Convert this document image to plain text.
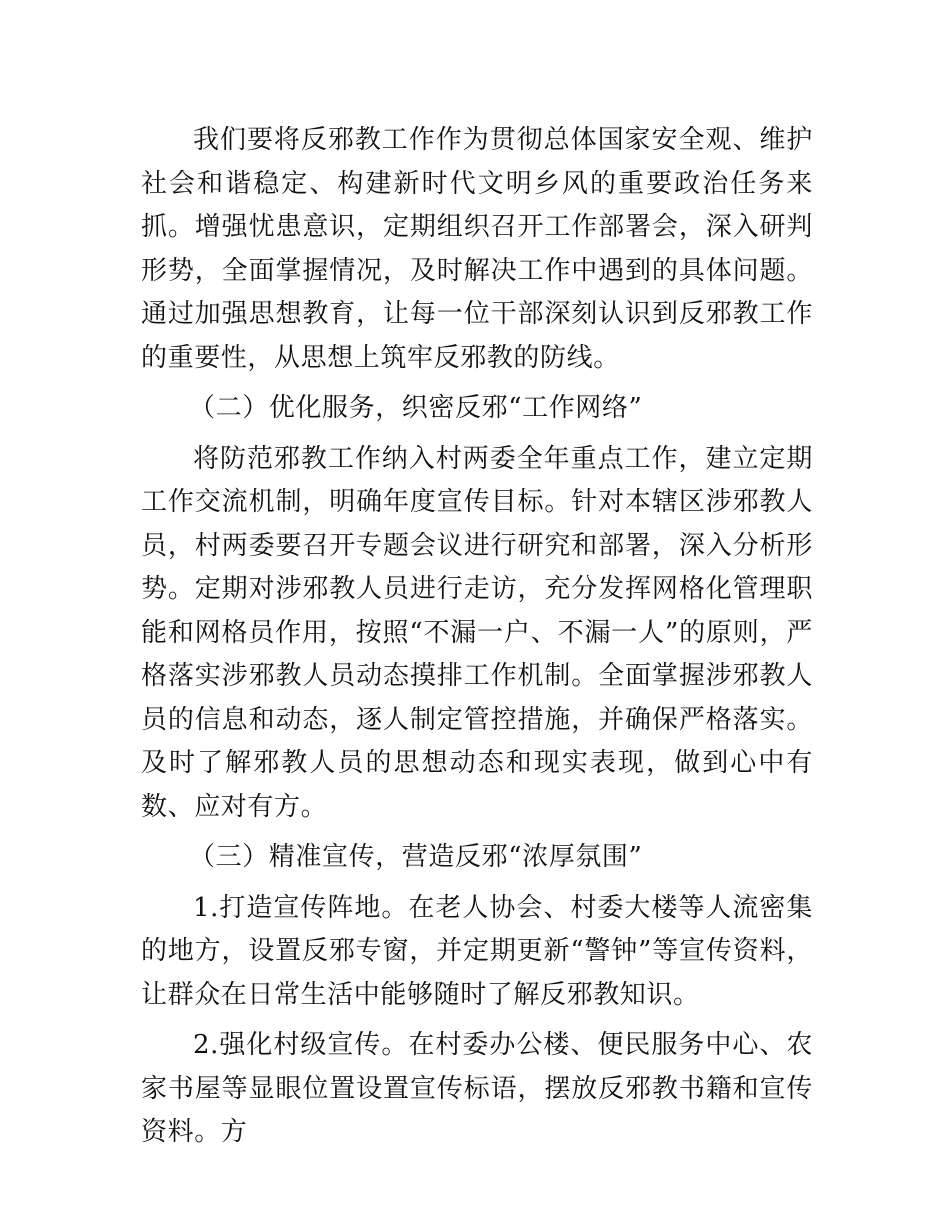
我们要将反邪教工作作为贯彻总体国家安全观、维护社会和谐稳定、构建新时代文明乡风的重要政治任务来抓。增强忧患意识，定期组织召开工作部署会，深入研判形势，全面掌握情况，及时解决工作中遇到的具体问题。通过加强思想教育，让每一位干部深刻认识到反邪教工作的重要性，从思想上筑牢反邪教的防线。

（二）优化服务，织密反邪“工作网络”

将防范邪教工作纳入村两委全年重点工作，建立定期工作交流机制，明确年度宣传目标。针对本辖区涉邪教人员，村两委要召开专题会议进行研究和部署，深入分析形势。定期对涉邪教人员进行走访，充分发挥网格化管理职能和网格员作用，按照“不漏一户、不漏一人”的原则，严格落实涉邪教人员动态摸排工作机制。全面掌握涉邪教人员的信息和动态，逐人制定管控措施，并确保严格落实。及时了解邪教人员的思想动态和现实表现，做到心中有数、应对有方。

（三）精准宣传，营造反邪“浓厚氛围”

1.打造宣传阵地。在老人协会、村委大楼等人流密集的地方，设置反邪专窗，并定期更新“警钟”等宣传资料，让群众在日常生活中能够随时了解反邪教知识。

2.强化村级宣传。在村委办公楼、便民服务中心、农家书屋等显眼位置设置宣传标语，摆放反邪教书籍和宣传资料。方
